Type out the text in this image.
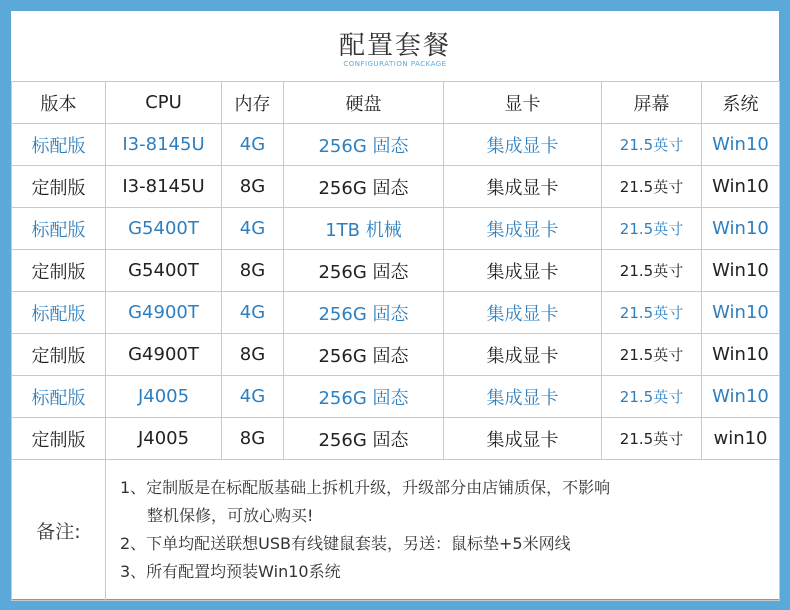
配置套餐
CONFIGURATION PACKAGE
版本	CPU	内存	硬盘	显卡	屏幕	系统
标配版	I3-8145U	4G	256G 固态	集成显卡	21.5英寸	Win10
定制版	I3-8145U	8G	256G 固态	集成显卡	21.5英寸	Win10
标配版	G5400T	4G	1TB 机械	集成显卡	21.5英寸	Win10
定制版	G5400T	8G	256G 固态	集成显卡	21.5英寸	Win10
标配版	G4900T	4G	256G 固态	集成显卡	21.5英寸	Win10
定制版	G4900T	8G	256G 固态	集成显卡	21.5英寸	Win10
标配版	J4005	4G	256G 固态	集成显卡	21.5英寸	Win10
定制版	J4005	8G	256G 固态	集成显卡	21.5英寸	win10
备注:	1、定制版是在标配版基础上拆机升级，升级部分由店铺质保，不影响
整机保修，可放心购买!
2、下单均配送联想USB有线键鼠套装，另送：鼠标垫+5米网线
3、所有配置均预装Win10系统					
